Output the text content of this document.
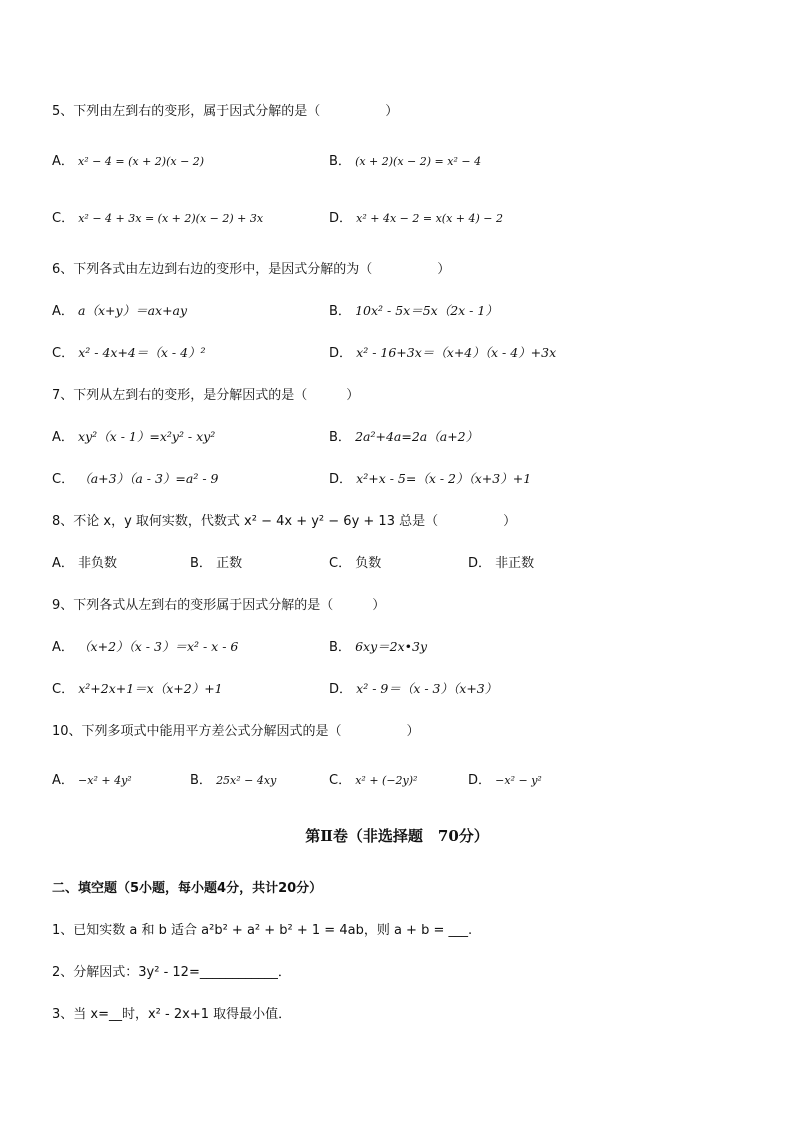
5、下列由左到右的变形，属于因式分解的是（　　　　　）
A． x² − 4 = (x + 2)(x − 2)	B． (x + 2)(x − 2) = x² − 4
C． x² − 4 + 3x = (x + 2)(x − 2) + 3x	D． x² + 4x − 2 = x(x + 4) − 2
6、下列各式由左边到右边的变形中，是因式分解的为（　　　　　）
A． a（x+y）＝ax+ay	B． 10x² - 5x＝5x（2x - 1）
C． x² - 4x+4＝（x - 4）²	D． x² - 16+3x＝（x+4）（x - 4）+3x
7、下列从左到右的变形，是分解因式的是（　　　）
A． xy²（x - 1）=x²y² - xy²	B． 2a²+4a=2a（a+2）
C． （a+3）（a - 3）=a² - 9	D． x²+x - 5=（x - 2）（x+3）+1
8、不论 x，y 取何实数，代数式 x² − 4x + y² − 6y + 13 总是（　　　　　）
A． 非负数	B． 正数	C． 负数	D． 非正数
9、下列各式从左到右的变形属于因式分解的是（　　　）
A． （x+2）（x - 3）＝x² - x - 6	B． 6xy＝2x•3y
C． x²+2x+1＝x（x+2）+1	D． x² - 9＝（x - 3）（x+3）
10、下列多项式中能用平方差公式分解因式的是（　　　　　）
A． −x² + 4y²	B． 25x² − 4xy	C． x² + (−2y)²	D． −x² − y²
第Ⅱ卷（非选择题　70分）
二、填空题（5小题，每小题4分，共计20分）
1、已知实数 a 和 b 适合 a²b² + a² + b² + 1 = 4ab，则 a + b = ___.
2、分解因式：3y² - 12=____________．
3、当 x=__时，x² - 2x+1 取得最小值．
